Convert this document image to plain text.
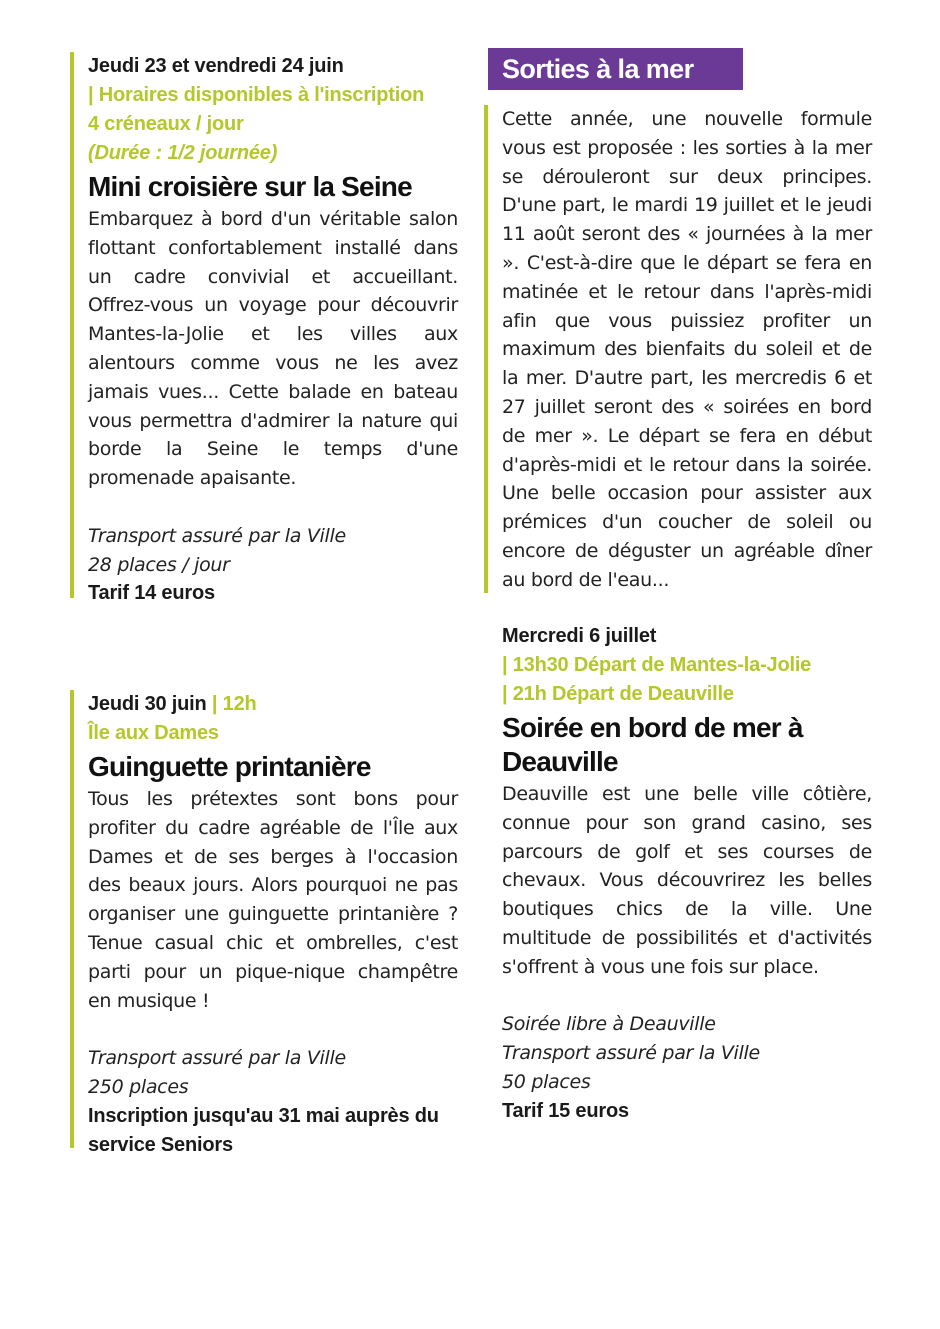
Jeudi 23 et vendredi 24 juin
| Horaires disponibles à l'inscription
4 créneaux / jour
(Durée : 1/2 journée)
Mini croisière sur la Seine
Embarquez à bord d'un véritable salon flottant confortablement installé dans un cadre convivial et accueillant. Offrez-vous un voyage pour découvrir Mantes-la-Jolie et les villes aux alentours comme vous ne les avez jamais vues... Cette balade en bateau vous permettra d'admirer la nature qui borde la Seine le temps d'une promenade apaisante.
Transport assuré par la Ville
28 places / jour
Tarif 14 euros
Jeudi 30 juin | 12h
Île aux Dames
Guinguette printanière
Tous les prétextes sont bons pour profiter du cadre agréable de l'Île aux Dames et de ses berges à l'occasion des beaux jours. Alors pourquoi ne pas organiser une guinguette printanière ? Tenue casual chic et ombrelles, c'est parti pour un pique-nique champêtre en musique !
Transport assuré par la Ville
250 places
Inscription jusqu'au 31 mai auprès du service Seniors
Sorties à la mer
Cette année, une nouvelle formule vous est proposée : les sorties à la mer se dérouleront sur deux principes. D'une part, le mardi 19 juillet et le jeudi 11 août seront des « journées à la mer ». C'est-à-dire que le départ se fera en matinée et le retour dans l'après-midi afin que vous puissiez profiter un maximum des bienfaits du soleil et de la mer. D'autre part, les mercredis 6 et 27 juillet seront des « soirées en bord de mer ». Le départ se fera en début d'après-midi et le retour dans la soirée. Une belle occasion pour assister aux prémices d'un coucher de soleil ou encore de déguster un agréable dîner au bord de l'eau...
Mercredi 6 juillet
| 13h30 Départ de Mantes-la-Jolie
| 21h Départ de Deauville
Soirée en bord de mer à Deauville
Deauville est une belle ville côtière, connue pour son grand casino, ses parcours de golf et ses courses de chevaux. Vous découvrirez les belles boutiques chics de la ville. Une multitude de possibilités et d'activités s'offrent à vous une fois sur place.
Soirée libre à Deauville
Transport assuré par la Ville
50 places
Tarif 15 euros
